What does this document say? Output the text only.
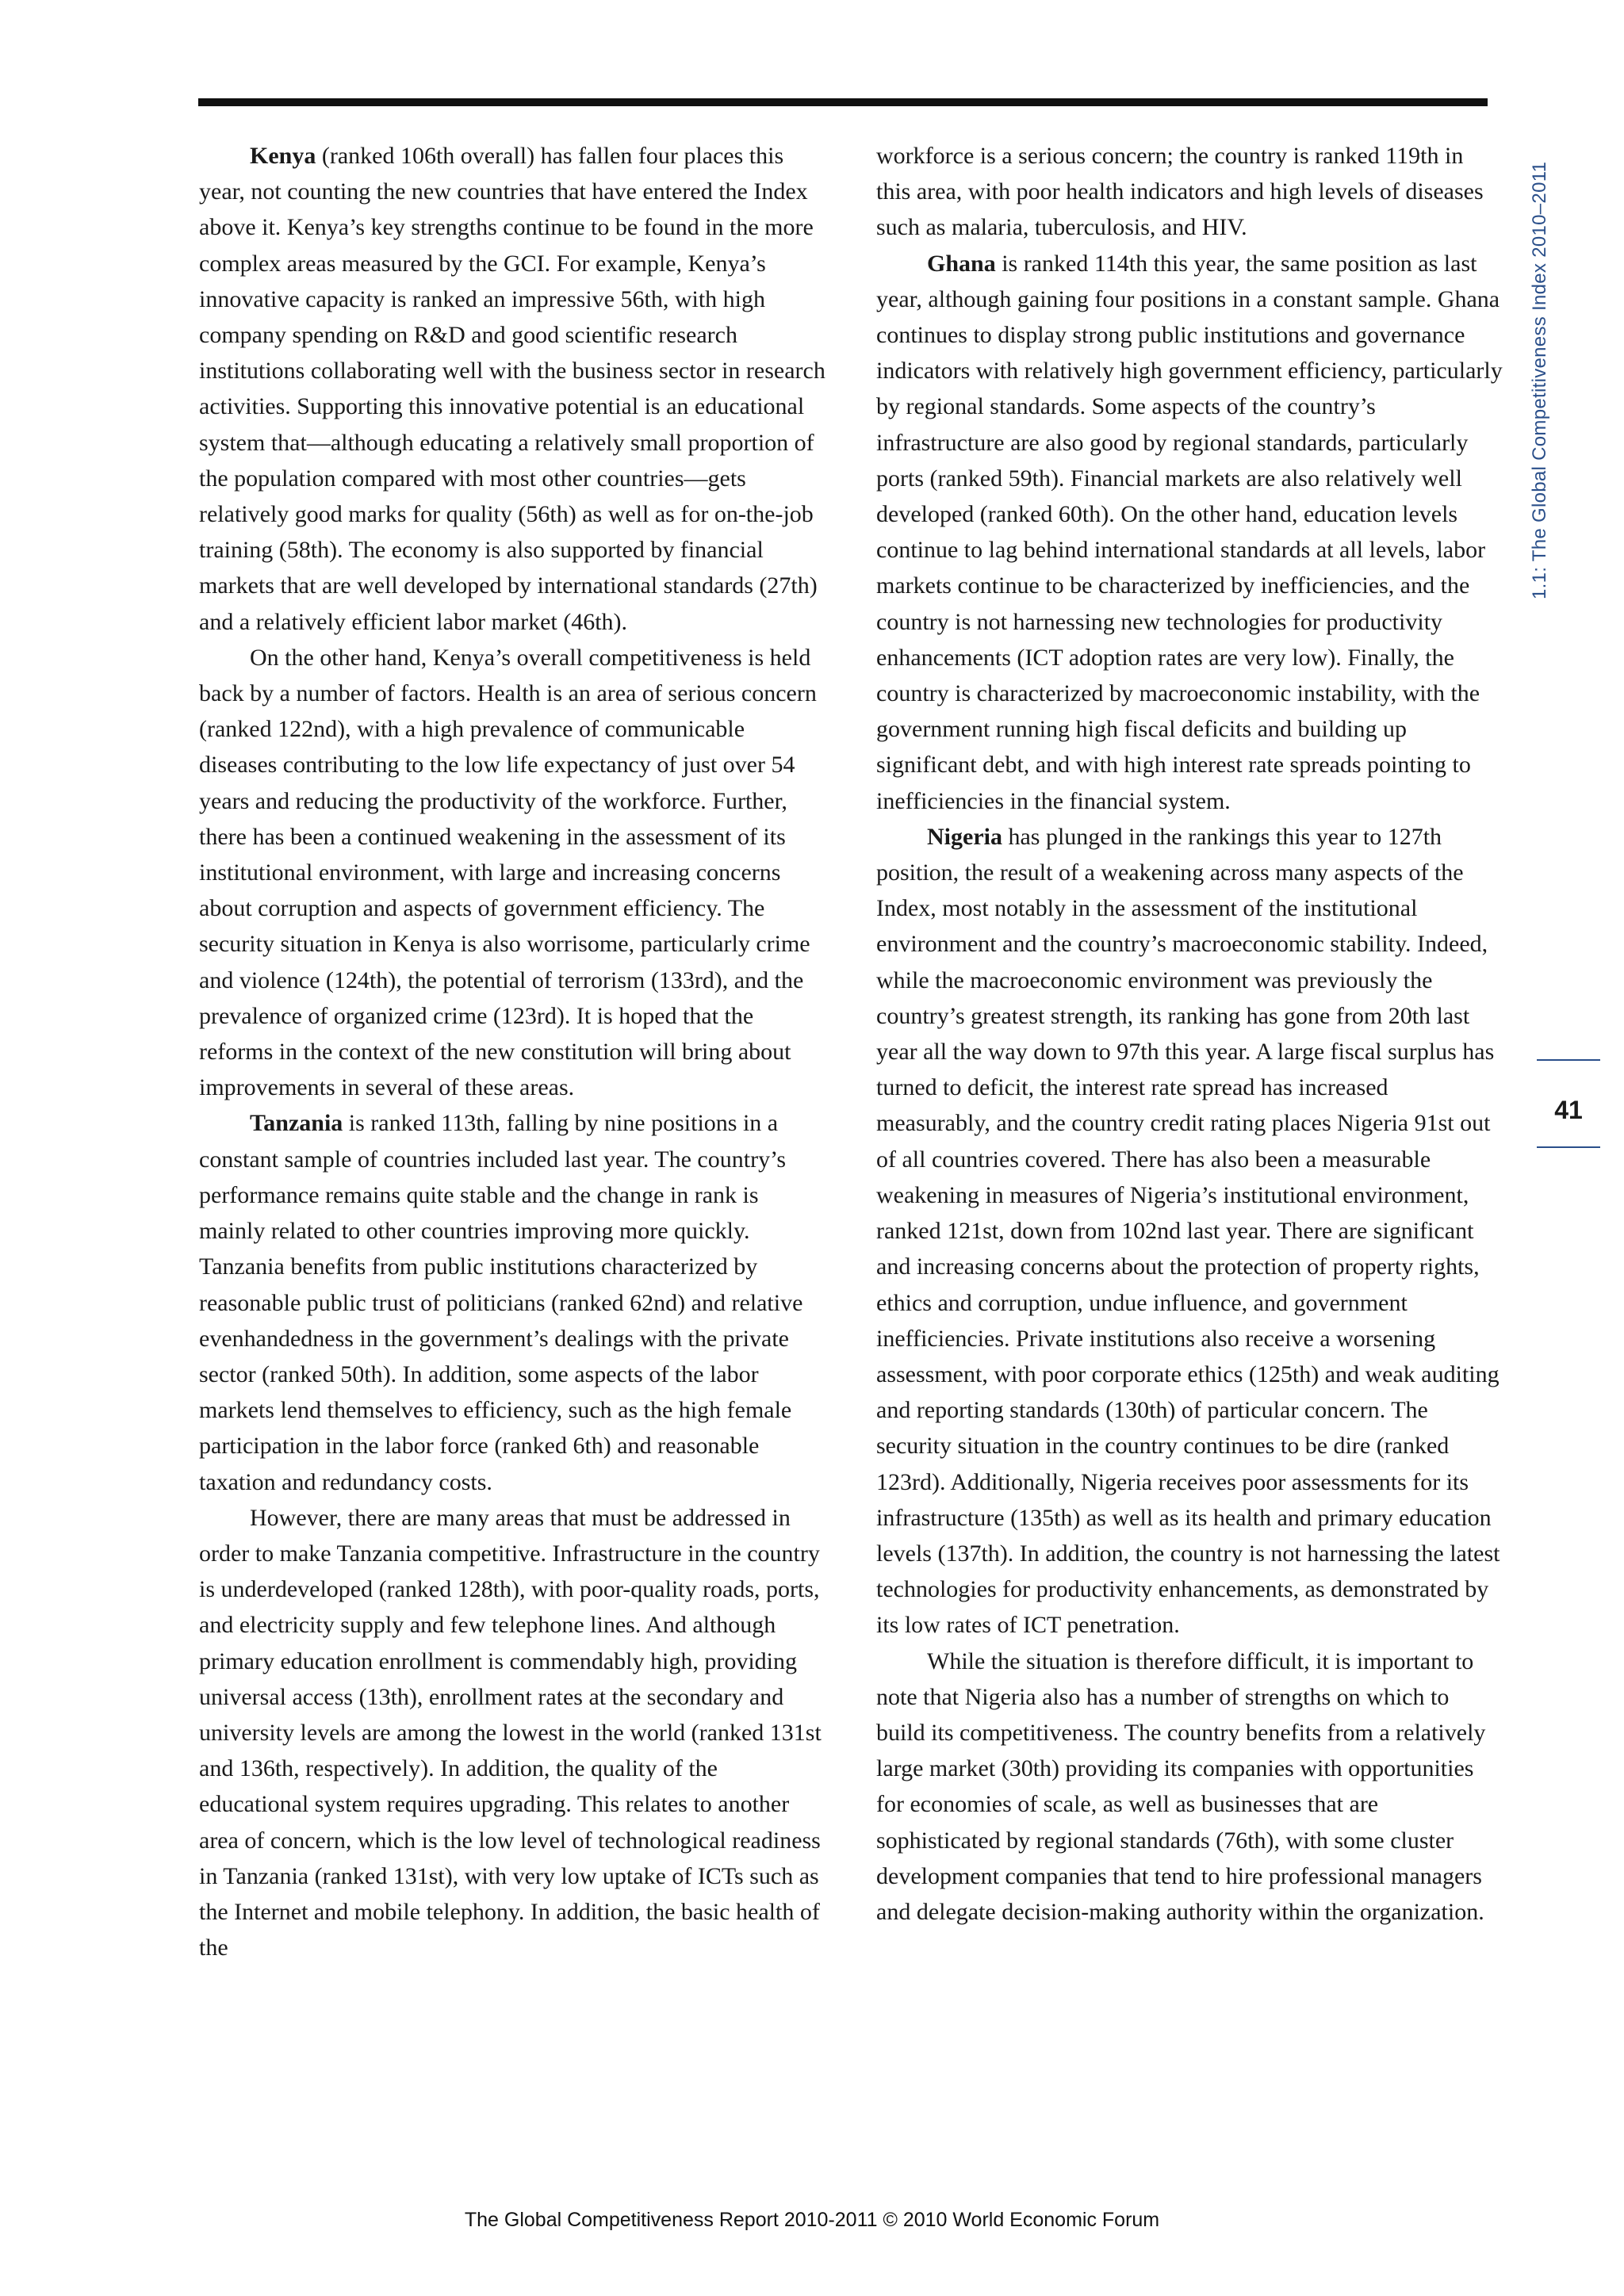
Kenya (ranked 106th overall) has fallen four places this year, not counting the new countries that have entered the Index above it. Kenya’s key strengths continue to be found in the more complex areas measured by the GCI. For example, Kenya’s innovative capacity is ranked an impressive 56th, with high company spending on R&D and good scientific research institutions collaborating well with the business sector in research activities. Supporting this innovative potential is an educational system that—although educating a relatively small proportion of the population compared with most other countries—gets relatively good marks for quality (56th) as well as for on-the-job training (58th). The economy is also supported by financial markets that are well developed by international standards (27th) and a relatively efficient labor market (46th).

On the other hand, Kenya’s overall competitiveness is held back by a number of factors. Health is an area of serious concern (ranked 122nd), with a high prevalence of communicable diseases contributing to the low life expectancy of just over 54 years and reducing the productivity of the workforce. Further, there has been a continued weakening in the assessment of its institutional environment, with large and increasing concerns about corruption and aspects of government efficiency. The security situation in Kenya is also worrisome, particularly crime and violence (124th), the potential of terrorism (133rd), and the prevalence of organized crime (123rd). It is hoped that the reforms in the context of the new constitution will bring about improvements in several of these areas.

Tanzania is ranked 113th, falling by nine positions in a constant sample of countries included last year. The country’s performance remains quite stable and the change in rank is mainly related to other countries improving more quickly. Tanzania benefits from public institutions characterized by reasonable public trust of politicians (ranked 62nd) and relative evenhandedness in the government’s dealings with the private sector (ranked 50th). In addition, some aspects of the labor markets lend themselves to efficiency, such as the high female participation in the labor force (ranked 6th) and reasonable taxation and redundancy costs.

However, there are many areas that must be addressed in order to make Tanzania competitive. Infrastructure in the country is underdeveloped (ranked 128th), with poor-quality roads, ports, and electricity supply and few telephone lines. And although primary education enrollment is commendably high, providing universal access (13th), enrollment rates at the secondary and university levels are among the lowest in the world (ranked 131st and 136th, respectively). In addition, the quality of the educational system requires upgrading. This relates to another area of concern, which is the low level of technological readiness in Tanzania (ranked 131st), with very low uptake of ICTs such as the Internet and mobile telephony. In addition, the basic health of the

workforce is a serious concern; the country is ranked 119th in this area, with poor health indicators and high levels of diseases such as malaria, tuberculosis, and HIV.

Ghana is ranked 114th this year, the same position as last year, although gaining four positions in a constant sample. Ghana continues to display strong public institutions and governance indicators with relatively high government efficiency, particularly by regional standards. Some aspects of the country’s infrastructure are also good by regional standards, particularly ports (ranked 59th). Financial markets are also relatively well developed (ranked 60th). On the other hand, education levels continue to lag behind international standards at all levels, labor markets continue to be characterized by inefficiencies, and the country is not harnessing new technologies for productivity enhancements (ICT adoption rates are very low). Finally, the country is characterized by macroeconomic instability, with the government running high fiscal deficits and building up significant debt, and with high interest rate spreads pointing to inefficiencies in the financial system.

Nigeria has plunged in the rankings this year to 127th position, the result of a weakening across many aspects of the Index, most notably in the assessment of the institutional environment and the country’s macroeconomic stability. Indeed, while the macroeconomic environment was previously the country’s greatest strength, its ranking has gone from 20th last year all the way down to 97th this year. A large fiscal surplus has turned to deficit, the interest rate spread has increased measurably, and the country credit rating places Nigeria 91st out of all countries covered. There has also been a measurable weakening in measures of Nigeria’s institutional environment, ranked 121st, down from 102nd last year. There are significant and increasing concerns about the protection of property rights, ethics and corruption, undue influence, and government inefficiencies. Private institutions also receive a worsening assessment, with poor corporate ethics (125th) and weak auditing and reporting standards (130th) of particular concern. The security situation in the country continues to be dire (ranked 123rd). Additionally, Nigeria receives poor assessments for its infrastructure (135th) as well as its health and primary education levels (137th). In addition, the country is not harnessing the latest technologies for productivity enhancements, as demonstrated by its low rates of ICT penetration.

While the situation is therefore difficult, it is important to note that Nigeria also has a number of strengths on which to build its competitiveness. The country benefits from a relatively large market (30th) providing its companies with opportunities for economies of scale, as well as businesses that are sophisticated by regional standards (76th), with some cluster development companies that tend to hire professional managers and delegate decision-making authority within the organization.

1.1: The Global Competitiveness Index 2010–2011
41
The Global Competitiveness Report 2010-2011 © 2010 World Economic Forum
